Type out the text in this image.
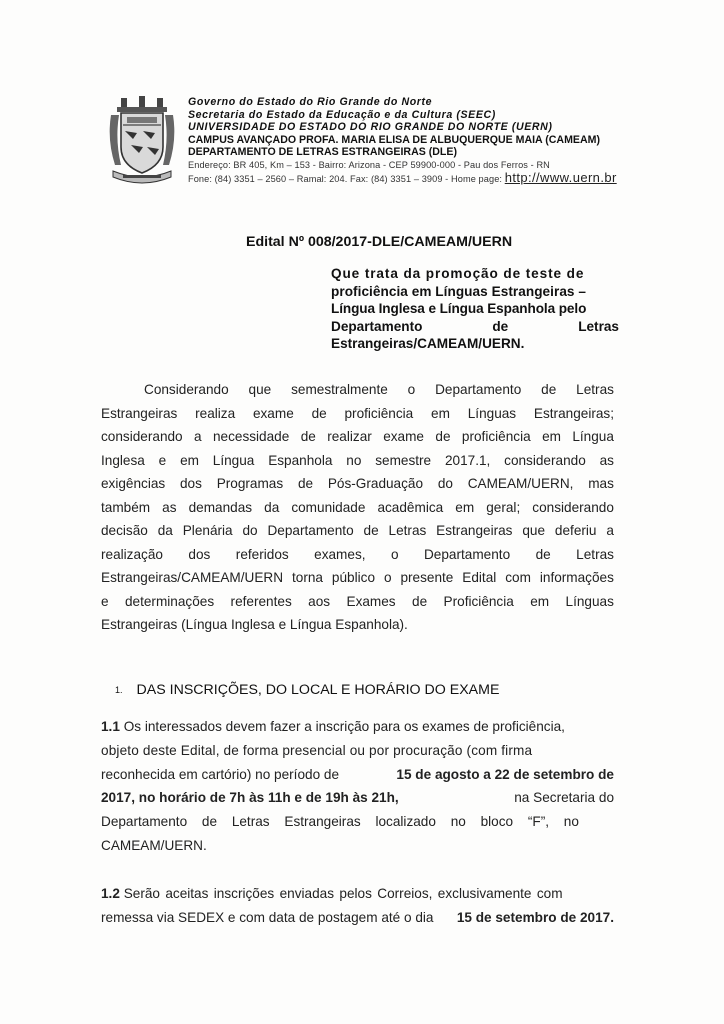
Governo do Estado do Rio Grande do Norte
Secretaria do Estado da Educação e da Cultura (SEEC)
UNIVERSIDADE DO ESTADO DO RIO GRANDE DO NORTE (UERN)
CAMPUS AVANÇADO PROFA. MARIA ELISA DE ALBUQUERQUE MAIA (CAMEAM)
DEPARTAMENTO DE LETRAS ESTRANGEIRAS (DLE)
Endereço: BR 405, Km – 153 - Bairro: Arizona - CEP 59900-000 - Pau dos Ferros - RN
Fone: (84) 3351 – 2560 – Ramal: 204. Fax: (84) 3351 – 3909 - Home page: http://www.uern.br
Edital Nº 008/2017-DLE/CAMEAM/UERN
Que trata da promoção de teste de
proficiência em Línguas Estrangeiras –
Língua Inglesa e Língua Espanhola pelo
Departamento	de	Letras
Estrangeiras/CAMEAM/UERN.
Considerando que semestralmente o Departamento de Letras
Estrangeiras realiza exame de proficiência em Línguas Estrangeiras;
considerando a necessidade de realizar exame de proficiência em Língua
Inglesa e em Língua Espanhola no semestre 2017.1, considerando as
exigências dos Programas de Pós-Graduação do CAMEAM/UERN, mas
também as demandas da comunidade acadêmica em geral; considerando
decisão da Plenária do Departamento de Letras Estrangeiras que deferiu a
realização dos referidos exames, o Departamento de Letras
Estrangeiras/CAMEAM/UERN torna público o presente Edital com informações
e determinações referentes aos Exames de Proficiência em Línguas
Estrangeiras (Língua Inglesa e Língua Espanhola).
1. DAS INSCRIÇÕES, DO LOCAL E HORÁRIO DO EXAME
1.1 Os interessados devem fazer a inscrição para os exames de proficiência,
objeto deste Edital, de forma presencial ou por procuração (com firma
reconhecida em cartório) no período de	15 de agosto a 22 de setembro de
2017, no horário de 7h às 11h e de 19h às 21h,	na Secretaria do
Departamento de Letras Estrangeiras localizado no bloco “F”, no
CAMEAM/UERN.
1.2 Serão aceitas inscrições enviadas pelos Correios, exclusivamente com
remessa via SEDEX e com data de postagem até o dia 15 de setembro de 2017.
